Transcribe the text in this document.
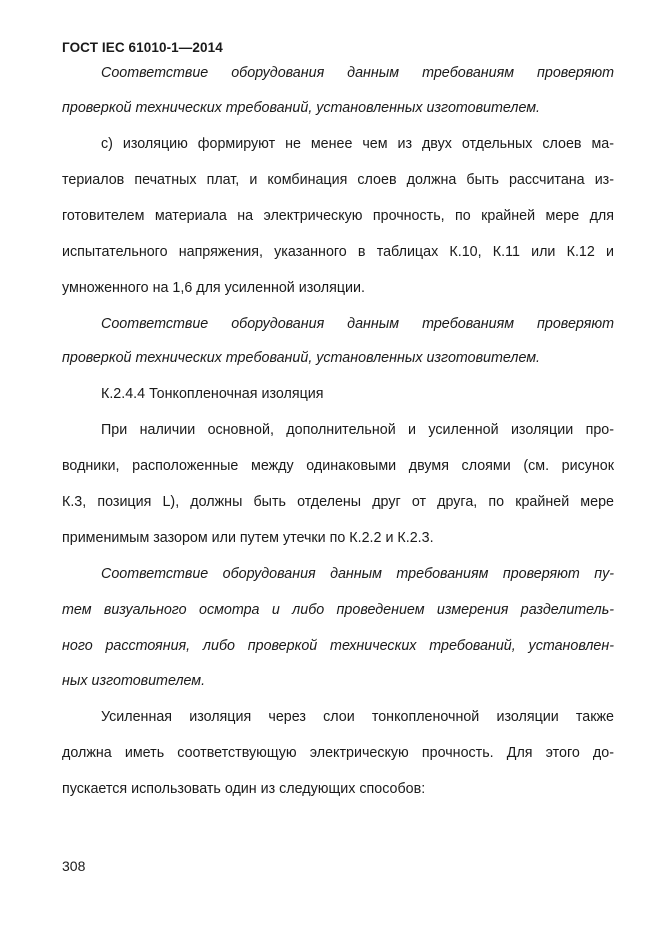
ГОСТ IEC 61010-1—2014
Соответствие оборудования данным требованиям проверяют
проверкой технических требований, установленных изготовителем.
c) изоляцию формируют не менее чем из двух отдельных слоев ма-
териалов печатных плат, и комбинация слоев должна быть рассчитана из-
готовителем материала на электрическую прочность, по крайней мере для
испытательного напряжения, указанного в таблицах К.10, К.11 или К.12 и
умноженного на 1,6 для усиленной изоляции.
Соответствие оборудования данным требованиям проверяют
проверкой технических требований, установленных изготовителем.
К.2.4.4 Тонкопленочная изоляция
При наличии основной, дополнительной и усиленной изоляции про-
водники, расположенные между одинаковыми двумя слоями (см. рисунок
К.3, позиция L), должны быть отделены друг от друга, по крайней мере
применимым зазором или путем утечки по К.2.2 и К.2.3.
Соответствие оборудования данным требованиям проверяют пу-
тем визуального осмотра и либо проведением измерения разделитель-
ного расстояния, либо проверкой технических требований, установлен-
ных изготовителем.
Усиленная изоляция через слои тонкопленочной изоляции также
должна иметь соответствующую электрическую прочность. Для этого до-
пускается использовать один из следующих способов:
308
